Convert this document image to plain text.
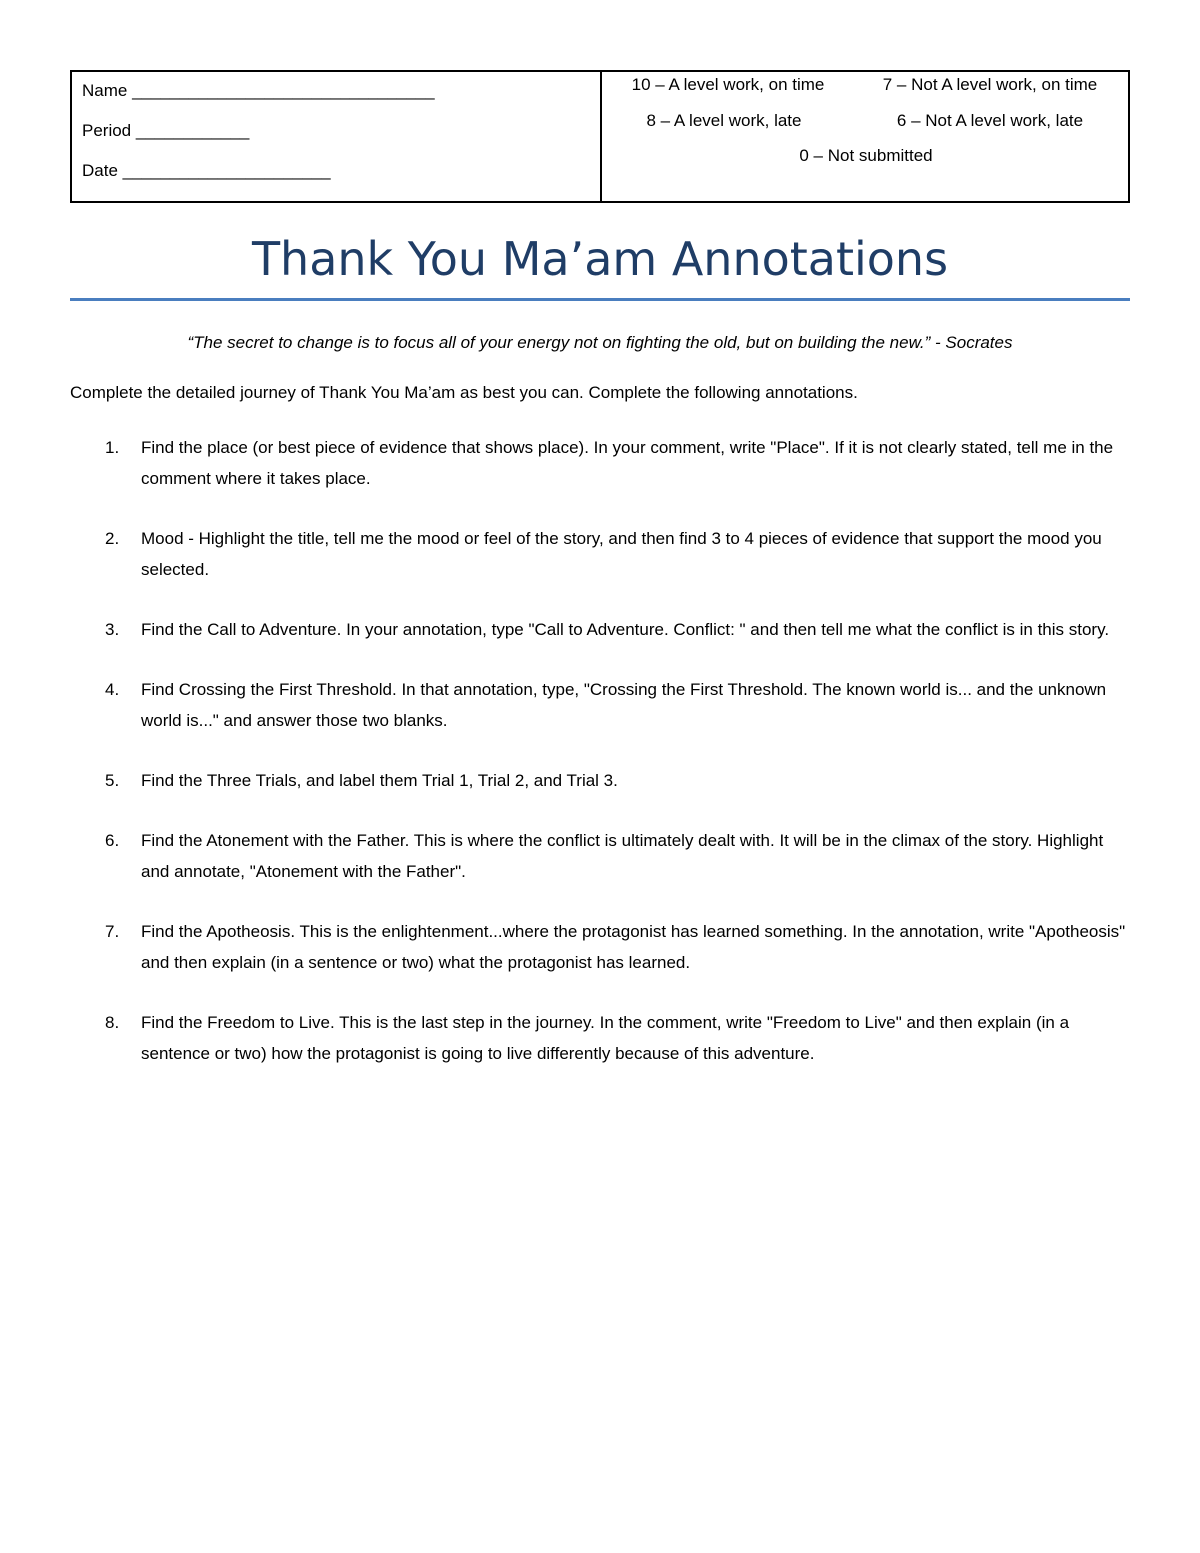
Name ________________________________
Period ____________
Date ______________________
10 – A level work, on time	7 – Not A level work, on time
8 – A level work, late	6 – Not A level work, late
0 – Not submitted
Thank You Ma’am Annotations
“The secret to change is to focus all of your energy not on fighting the old, but on building the new.” - Socrates
Complete the detailed journey of Thank You Ma’am as best you can. Complete the following annotations.
1. Find the place (or best piece of evidence that shows place). In your comment, write "Place". If it is not clearly stated, tell me in the comment where it takes place.
2. Mood - Highlight the title, tell me the mood or feel of the story, and then find 3 to 4 pieces of evidence that support the mood you selected.
3. Find the Call to Adventure. In your annotation, type "Call to Adventure. Conflict: " and then tell me what the conflict is in this story.
4. Find Crossing the First Threshold. In that annotation, type, "Crossing the First Threshold. The known world is... and the unknown world is..." and answer those two blanks.
5. Find the Three Trials, and label them Trial 1, Trial 2, and Trial 3.
6. Find the Atonement with the Father. This is where the conflict is ultimately dealt with. It will be in the climax of the story. Highlight and annotate, "Atonement with the Father".
7. Find the Apotheosis. This is the enlightenment...where the protagonist has learned something. In the annotation, write "Apotheosis" and then explain (in a sentence or two) what the protagonist has learned.
8. Find the Freedom to Live. This is the last step in the journey. In the comment, write "Freedom to Live" and then explain (in a sentence or two) how the protagonist is going to live differently because of this adventure.
